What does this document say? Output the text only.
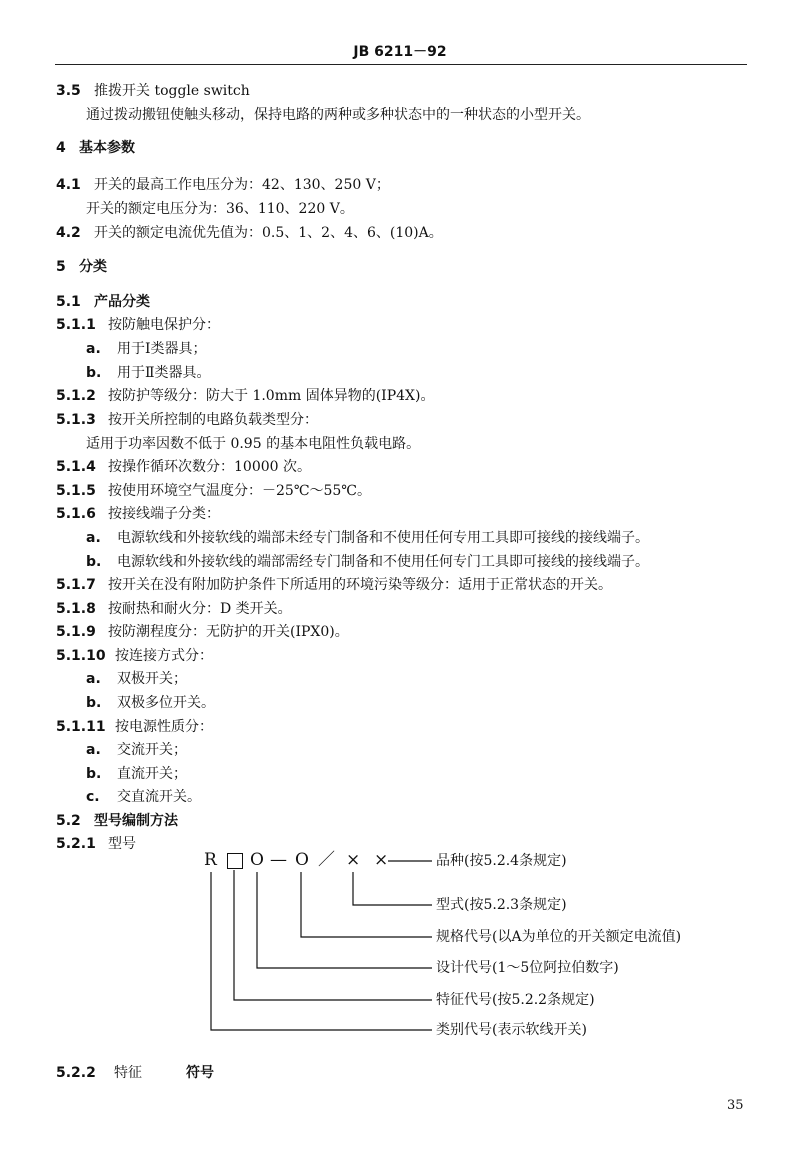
JB 6211－92
3.5 推拨开关 toggle switch
通过拨动搬钮使触头移动，保持电路的两种或多种状态中的一种状态的小型开关。
4 基本参数
4.1 开关的最高工作电压分为：42、130、250 V；
开关的额定电压分为：36、110、220 V。
4.2 开关的额定电流优先值为：0.5、1、2、4、6、(10)A。
5 分类
5.1 产品分类
5.1.1 按防触电保护分：
a. 用于Ⅰ类器具；
b. 用于Ⅱ类器具。
5.1.2 按防护等级分：防大于 1.0mm 固体异物的(IP4X)。
5.1.3 按开关所控制的电路负载类型分：
适用于功率因数不低于 0.95 的基本电阻性负载电路。
5.1.4 按操作循环次数分：10000 次。
5.1.5 按使用环境空气温度分：－25℃～55℃。
5.1.6 按接线端子分类：
a. 电源软线和外接软线的端部未经专门制备和不使用任何专用工具即可接线的接线端子。
b. 电源软线和外接软线的端部需经专门制备和不使用任何专门工具即可接线的接线端子。
5.1.7 按开关在没有附加防护条件下所适用的环境污染等级分：适用于正常状态的开关。
5.1.8 按耐热和耐火分：D 类开关。
5.1.9 按防潮程度分：无防护的开关(IPX0)。
5.1.10 按连接方式分：
a. 双极开关；
b. 双极多位开关。
5.1.11 按电源性质分：
a. 交流开关；
b. 直流开关；
c. 交直流开关。
5.2 型号编制方法
5.2.1 型号
R O — O ／ × ×	品种(按5.2.4条规定)
型式(按5.2.3条规定)
规格代号(以A为单位的开关额定电流值)
设计代号(1～5位阿拉伯数字)
特征代号(按5.2.2条规定)
类别代号(表示软线开关)
5.2.2 特征	符号
35
